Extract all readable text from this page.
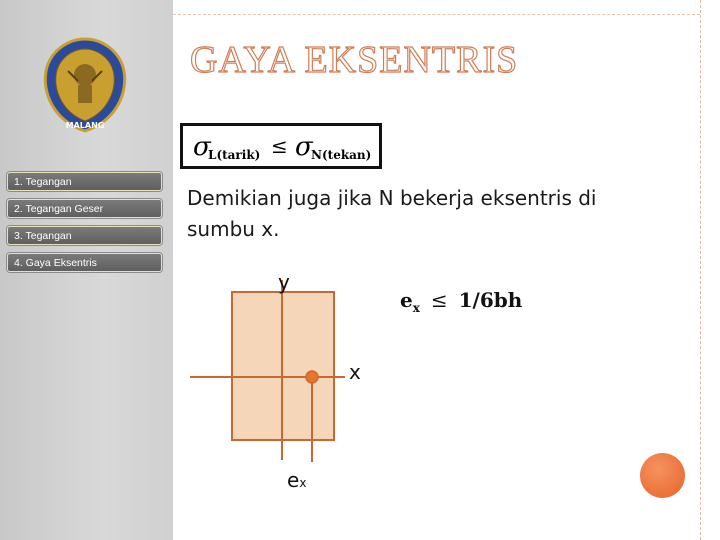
MALANG
1. Tegangan
2. Tegangan Geser
3. Tegangan
4. Gaya Eksentris
GAYA EKSENTRIS
σ
L(tarik) ≤ σ
N(tekan)
Demikian juga jika N bekerja eksentris di
sumbu x.
y
x
ex
$e_x \le 1/6bh$
